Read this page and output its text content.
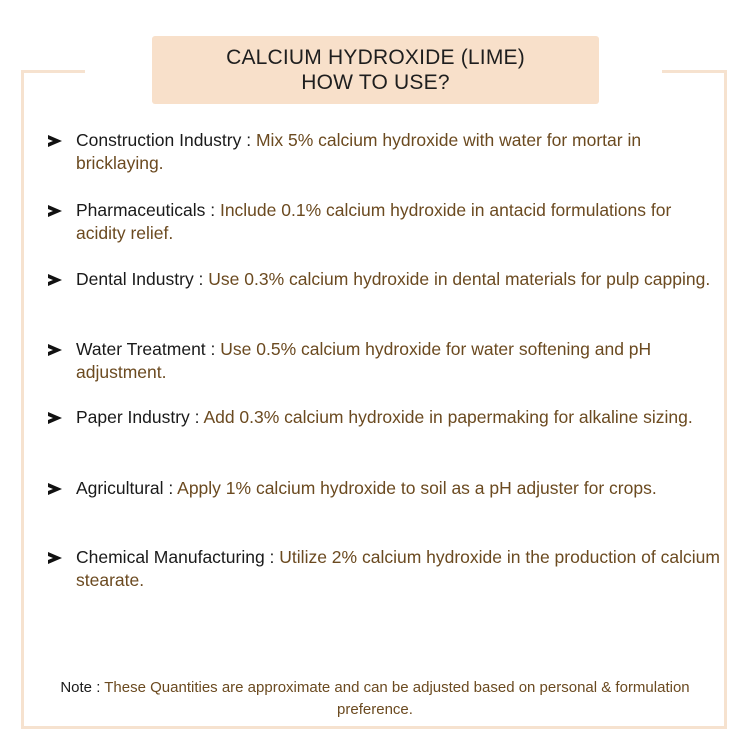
CALCIUM HYDROXIDE (LIME)
HOW TO USE?
Construction Industry : Mix 5% calcium hydroxide with water for mortar in bricklaying.
Pharmaceuticals : Include 0.1% calcium hydroxide in antacid formulations for acidity relief.
Dental Industry : Use 0.3% calcium hydroxide in dental materials for pulp capping.
Water Treatment : Use 0.5% calcium hydroxide for water softening and pH adjustment.
Paper Industry : Add 0.3% calcium hydroxide in papermaking for alkaline sizing.
Agricultural : Apply 1% calcium hydroxide to soil as a pH adjuster for crops.
Chemical Manufacturing : Utilize 2% calcium hydroxide in the production of calcium stearate.
Note : These Quantities are approximate and can be adjusted based on personal & formulation preference.
